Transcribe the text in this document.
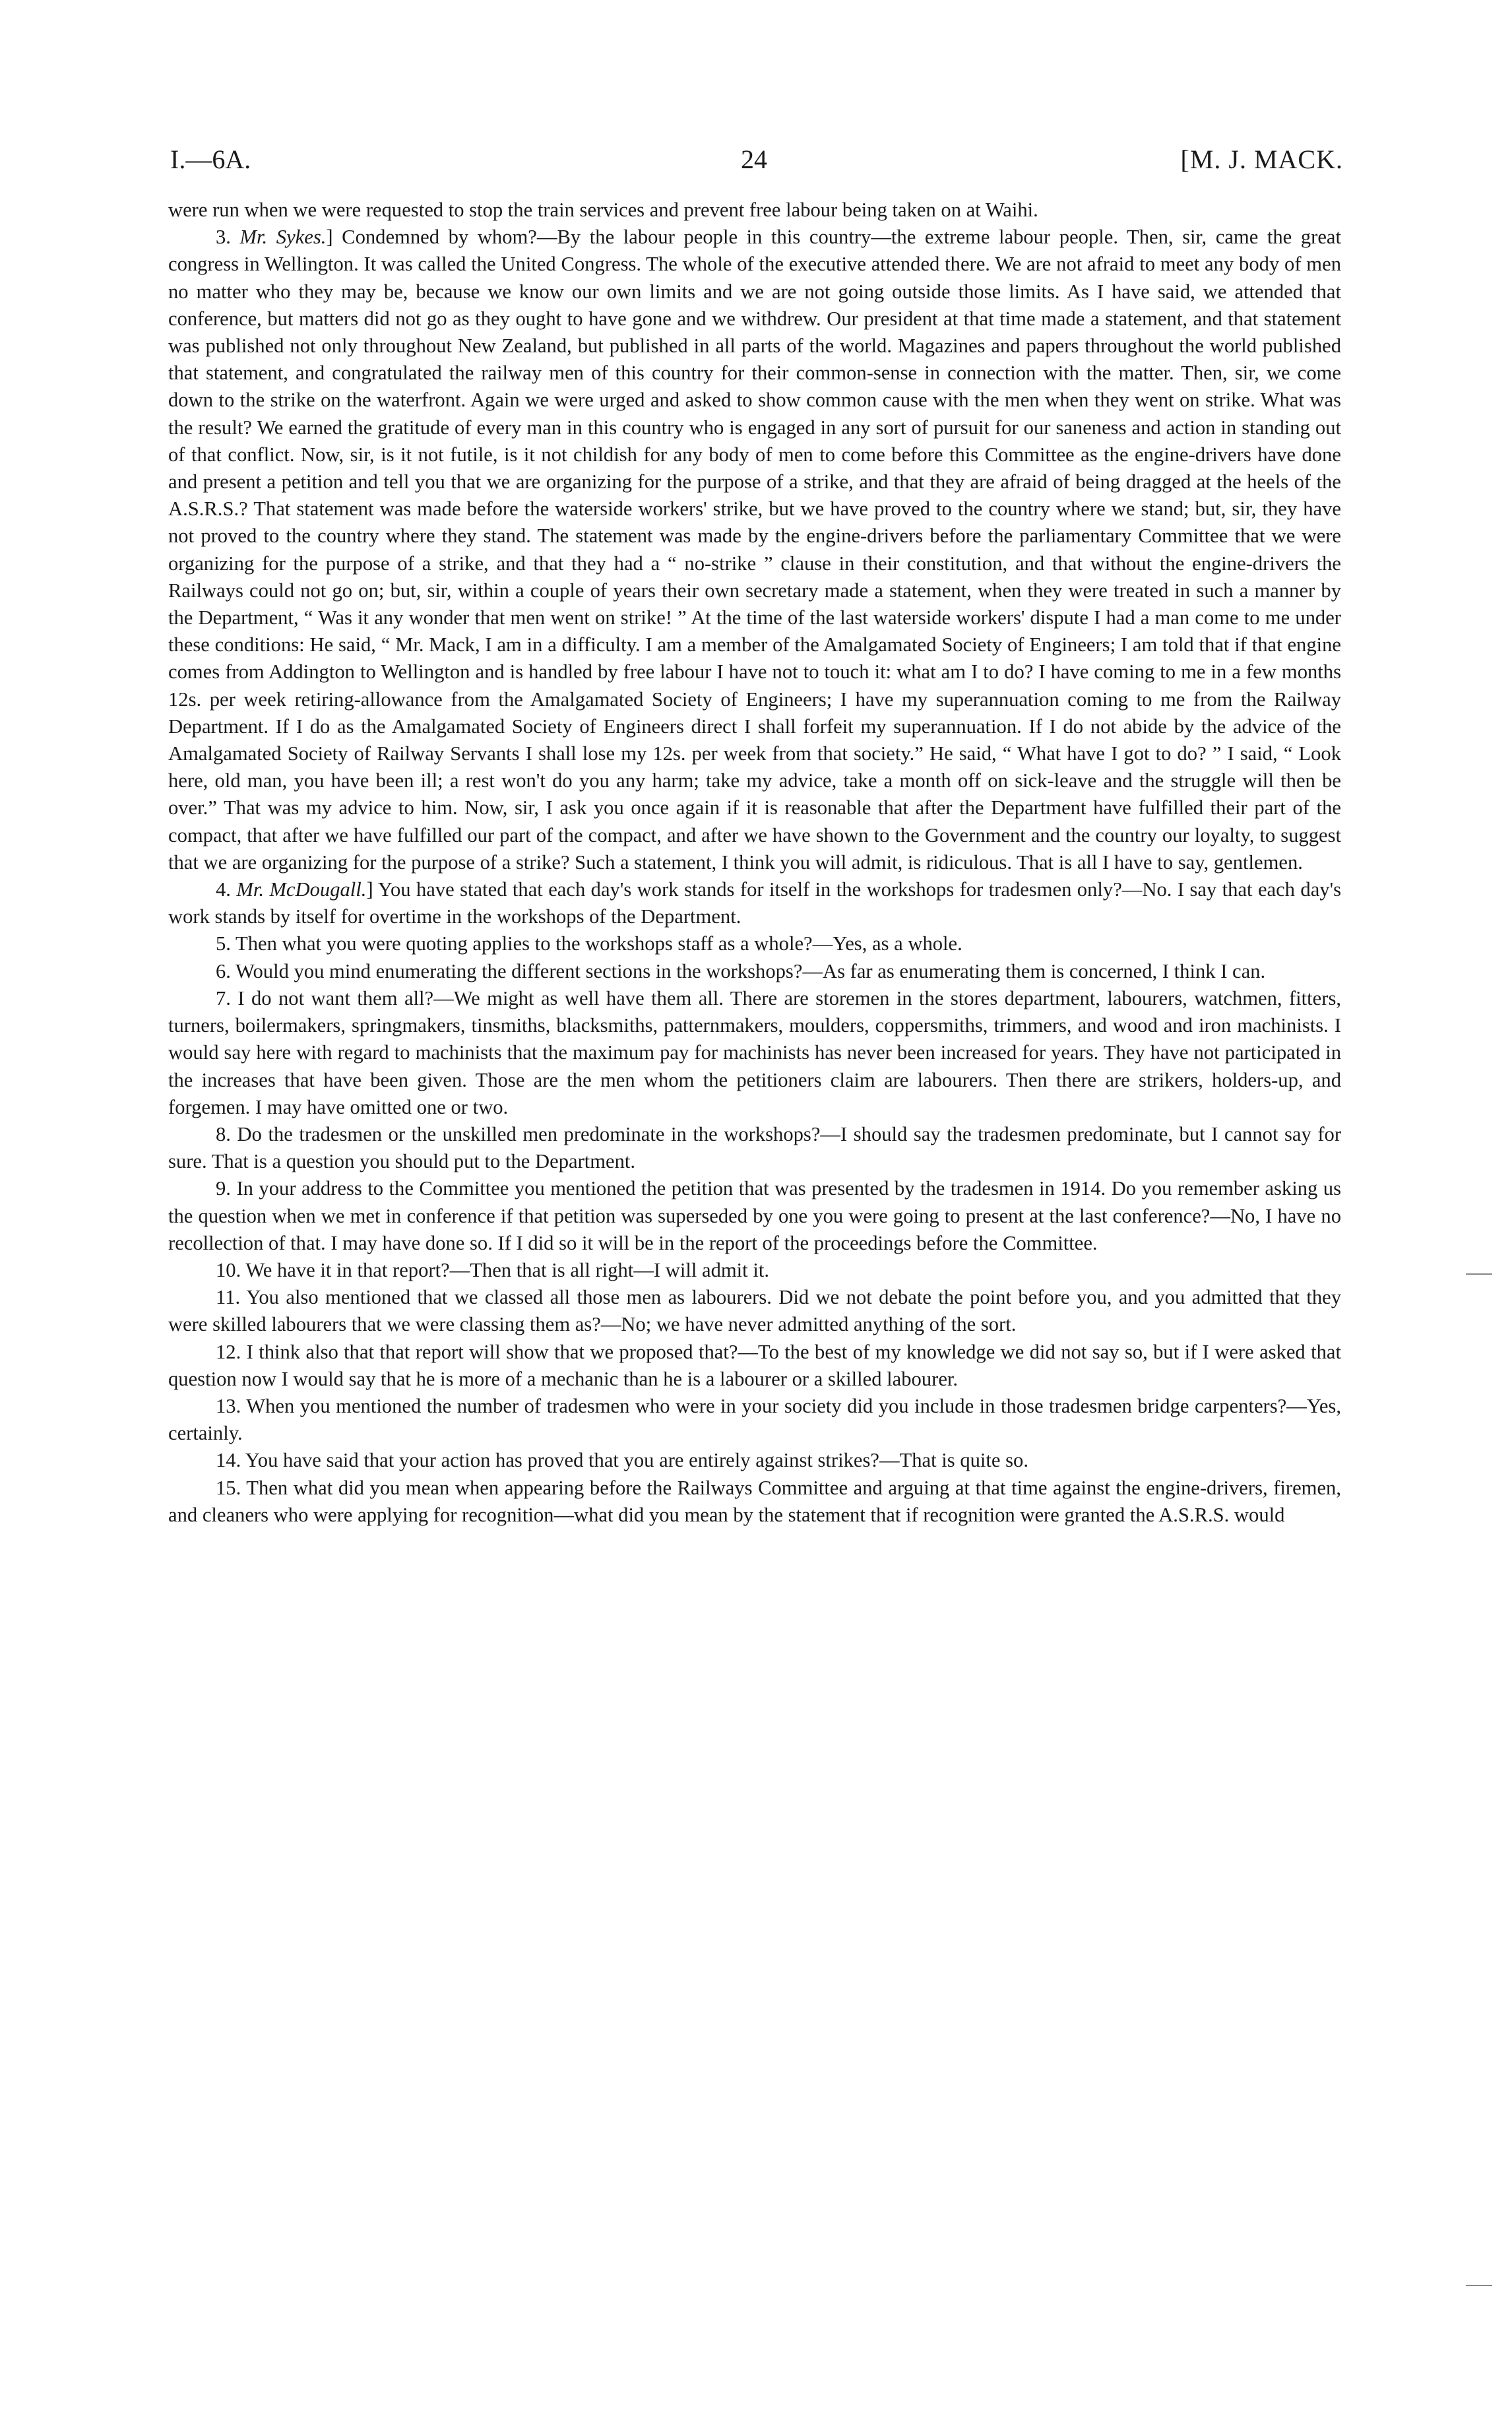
I.—6A.	24	[M. J. MACK.

were run when we were requested to stop the train services and prevent free labour being taken on at Waihi.

3. Mr. Sykes.] Condemned by whom?—By the labour people in this country—the extreme labour people. Then, sir, came the great congress in Wellington. It was called the United Congress. The whole of the executive attended there. We are not afraid to meet any body of men no matter who they may be, because we know our own limits and we are not going outside those limits. As I have said, we attended that conference, but matters did not go as they ought to have gone and we withdrew. Our president at that time made a statement, and that statement was published not only throughout New Zealand, but published in all parts of the world. Magazines and papers throughout the world published that statement, and congratulated the railway men of this country for their common-sense in connection with the matter. Then, sir, we come down to the strike on the waterfront. Again we were urged and asked to show common cause with the men when they went on strike. What was the result? We earned the gratitude of every man in this country who is engaged in any sort of pursuit for our saneness and action in standing out of that conflict. Now, sir, is it not futile, is it not childish for any body of men to come before this Committee as the engine-drivers have done and present a petition and tell you that we are organizing for the purpose of a strike, and that they are afraid of being dragged at the heels of the A.S.R.S.? That statement was made before the waterside workers' strike, but we have proved to the country where we stand; but, sir, they have not proved to the country where they stand. The statement was made by the engine-drivers before the parliamentary Committee that we were organizing for the purpose of a strike, and that they had a “ no-strike ” clause in their constitution, and that without the engine-drivers the Railways could not go on; but, sir, within a couple of years their own secretary made a statement, when they were treated in such a manner by the Department, “ Was it any wonder that men went on strike! ” At the time of the last waterside workers' dispute I had a man come to me under these conditions: He said, “ Mr. Mack, I am in a difficulty. I am a member of the Amalgamated Society of Engineers; I am told that if that engine comes from Addington to Wellington and is handled by free labour I have not to touch it: what am I to do? I have coming to me in a few months 12s. per week retiring-allowance from the Amalgamated Society of Engineers; I have my superannuation coming to me from the Railway Department. If I do as the Amalgamated Society of Engineers direct I shall forfeit my superannuation. If I do not abide by the advice of the Amalgamated Society of Railway Servants I shall lose my 12s. per week from that society.” He said, “ What have I got to do? ” I said, “ Look here, old man, you have been ill; a rest won't do you any harm; take my advice, take a month off on sick-leave and the struggle will then be over.” That was my advice to him. Now, sir, I ask you once again if it is reasonable that after the Department have fulfilled their part of the compact, that after we have fulfilled our part of the compact, and after we have shown to the Government and the country our loyalty, to suggest that we are organizing for the purpose of a strike? Such a statement, I think you will admit, is ridiculous. That is all I have to say, gentlemen.

4. Mr. McDougall.] You have stated that each day's work stands for itself in the workshops for tradesmen only?—No. I say that each day's work stands by itself for overtime in the workshops of the Department.

5. Then what you were quoting applies to the workshops staff as a whole?—Yes, as a whole.

6. Would you mind enumerating the different sections in the workshops?—As far as enumerating them is concerned, I think I can.

7. I do not want them all?—We might as well have them all. There are storemen in the stores department, labourers, watchmen, fitters, turners, boilermakers, springmakers, tinsmiths, blacksmiths, patternmakers, moulders, coppersmiths, trimmers, and wood and iron machinists. I would say here with regard to machinists that the maximum pay for machinists has never been increased for years. They have not participated in the increases that have been given. Those are the men whom the petitioners claim are labourers. Then there are strikers, holders-up, and forgemen. I may have omitted one or two.

8. Do the tradesmen or the unskilled men predominate in the workshops?—I should say the tradesmen predominate, but I cannot say for sure. That is a question you should put to the Department.

9. In your address to the Committee you mentioned the petition that was presented by the tradesmen in 1914. Do you remember asking us the question when we met in conference if that petition was superseded by one you were going to present at the last conference?—No, I have no recollection of that. I may have done so. If I did so it will be in the report of the proceedings before the Committee.

10. We have it in that report?—Then that is all right—I will admit it.

11. You also mentioned that we classed all those men as labourers. Did we not debate the point before you, and you admitted that they were skilled labourers that we were classing them as?—No; we have never admitted anything of the sort.

12. I think also that that report will show that we proposed that?—To the best of my knowledge we did not say so, but if I were asked that question now I would say that he is more of a mechanic than he is a labourer or a skilled labourer.

13. When you mentioned the number of tradesmen who were in your society did you include in those tradesmen bridge carpenters?—Yes, certainly.

14. You have said that your action has proved that you are entirely against strikes?—That is quite so.

15. Then what did you mean when appearing before the Railways Committee and arguing at that time against the engine-drivers, firemen, and cleaners who were applying for recognition—what did you mean by the statement that if recognition were granted the A.S.R.S. would
